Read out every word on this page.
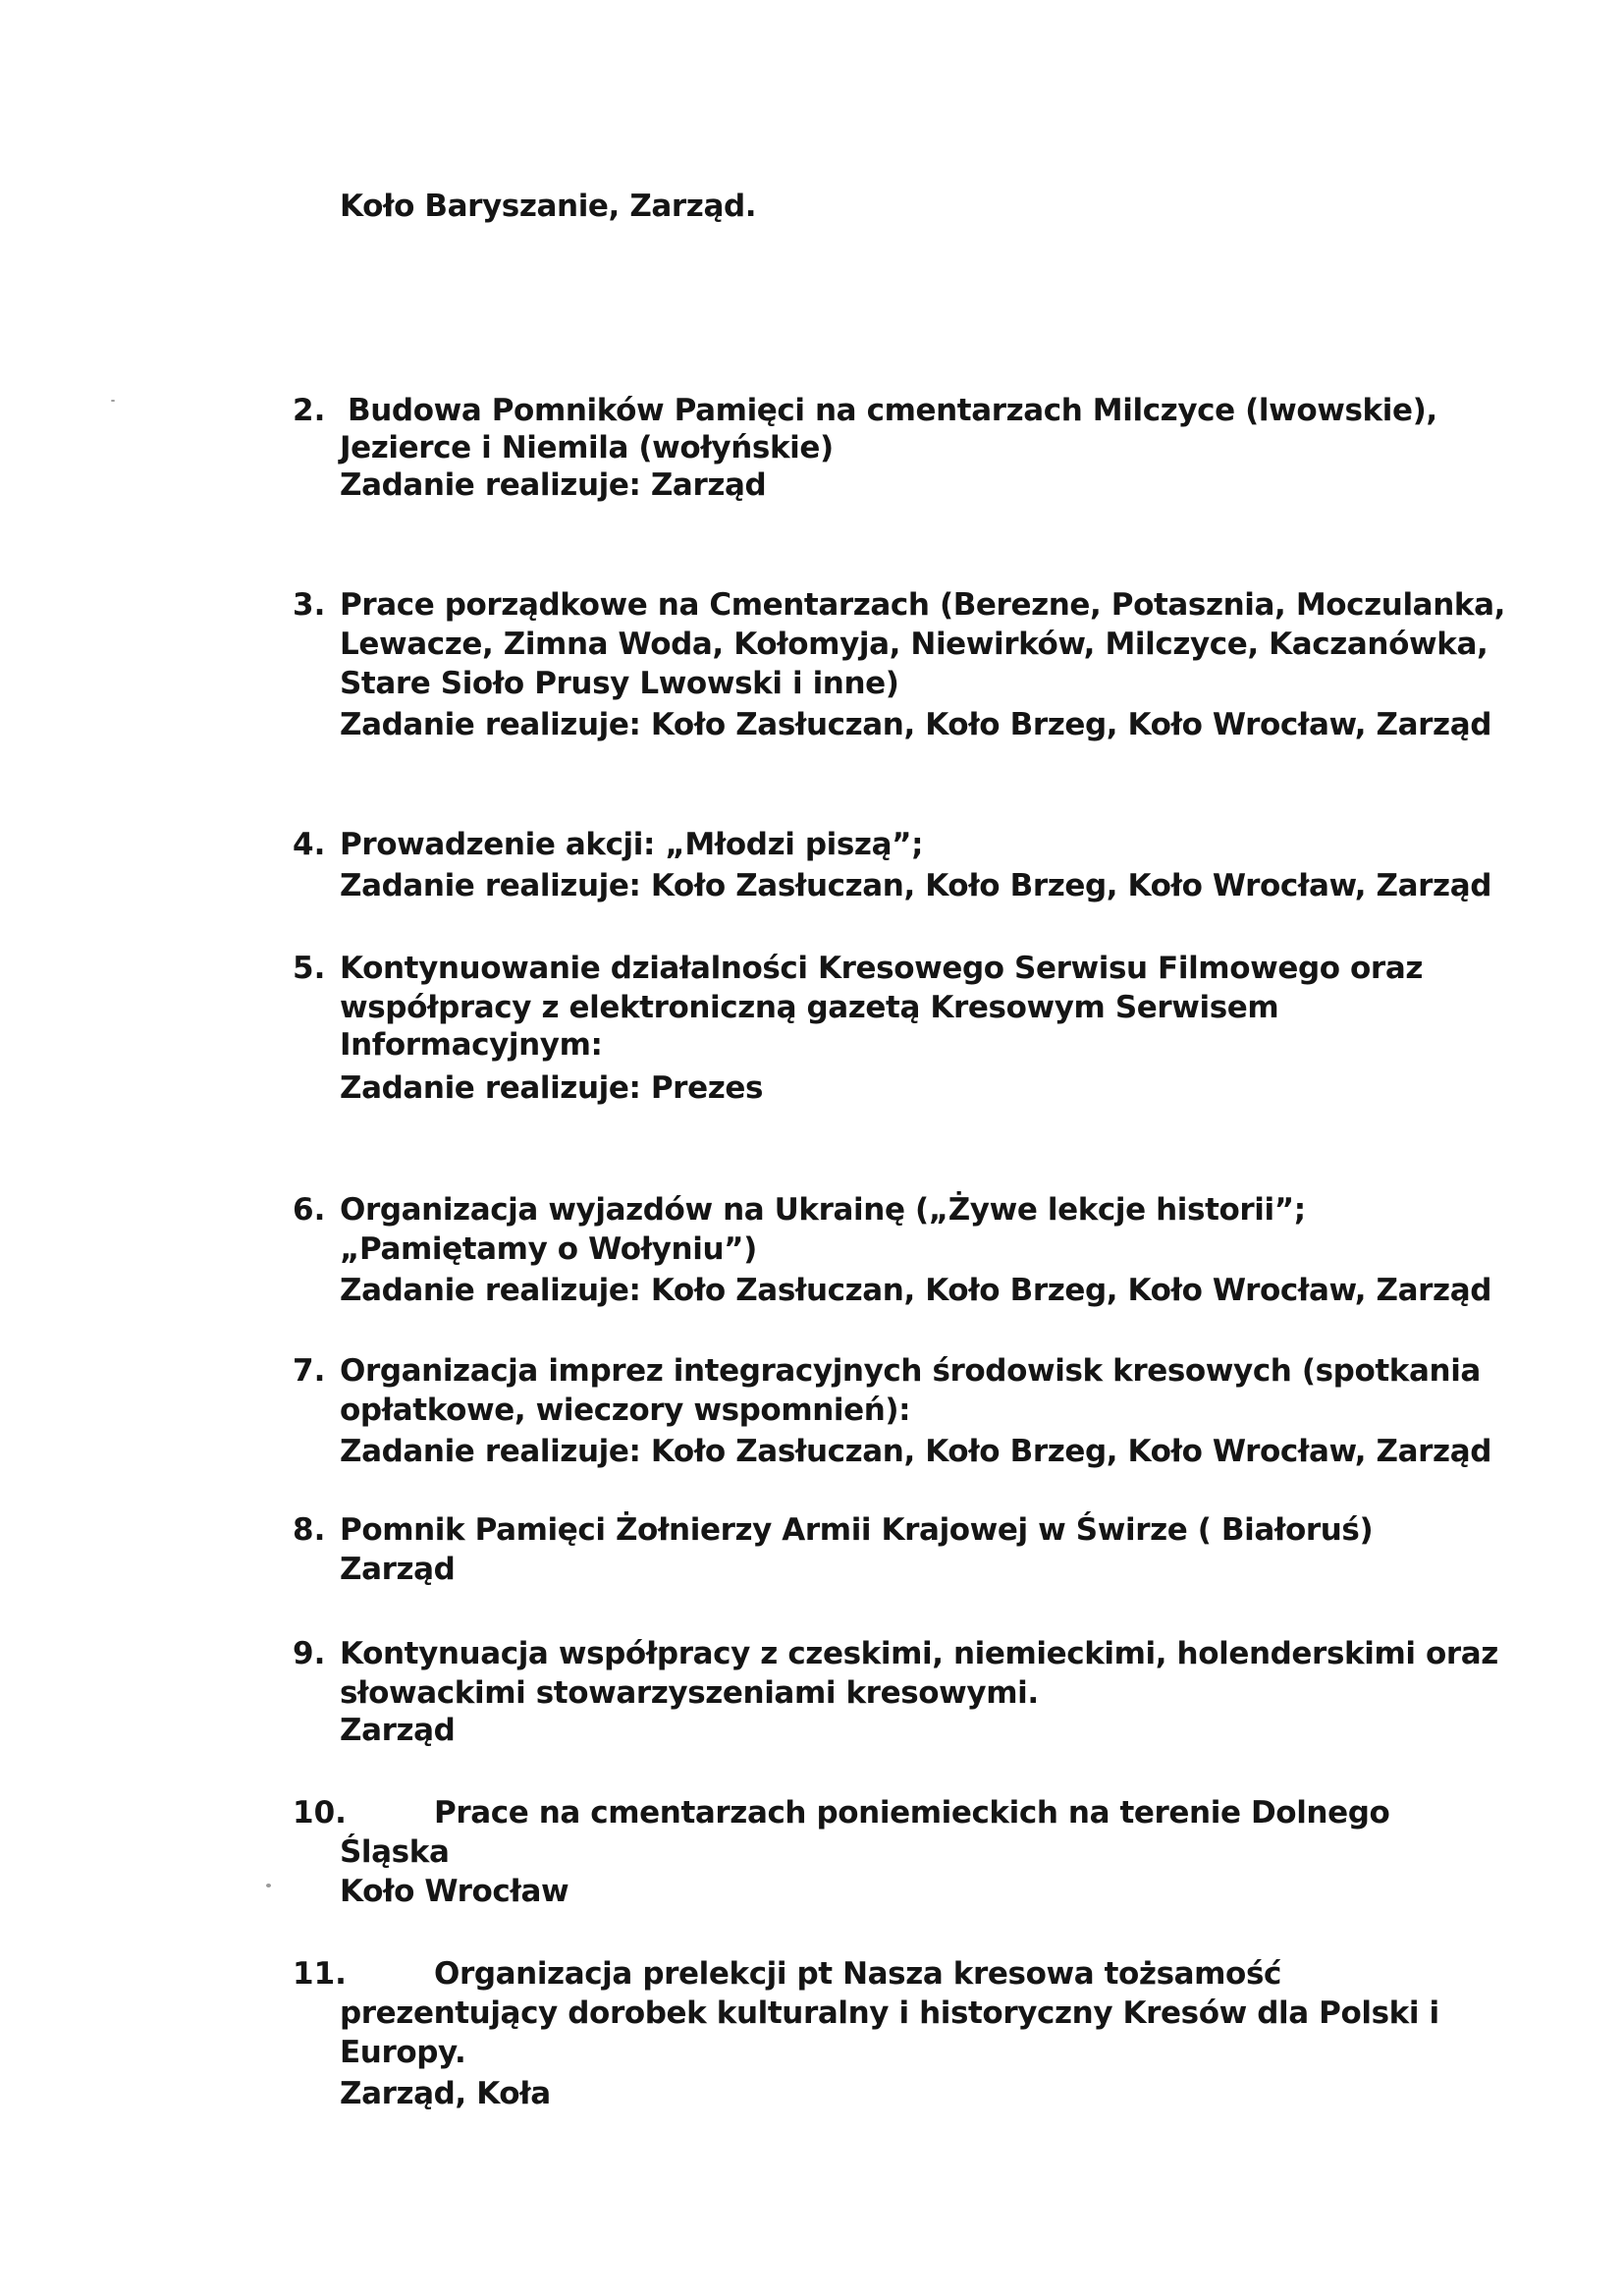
Koło Baryszanie, Zarząd.
2. Budowa Pomników Pamięci na cmentarzach Milczyce (lwowskie),
Jezierce i Niemila (wołyńskie)
Zadanie realizuje: Zarząd
3. Prace porządkowe na Cmentarzach (Berezne, Potasznia, Moczulanka,
Lewacze, Zimna Woda, Kołomyja, Niewirków, Milczyce, Kaczanówka,
Stare Sioło Prusy Lwowski i inne)
Zadanie realizuje: Koło Zasłuczan, Koło Brzeg, Koło Wrocław, Zarząd
4. Prowadzenie akcji: „Młodzi piszą”;
Zadanie realizuje: Koło Zasłuczan, Koło Brzeg, Koło Wrocław, Zarząd
5. Kontynuowanie działalności Kresowego Serwisu Filmowego oraz
współpracy z elektroniczną gazetą Kresowym Serwisem
Informacyjnym:
Zadanie realizuje: Prezes
6. Organizacja wyjazdów na Ukrainę („Żywe lekcje historii”;
„Pamiętamy o Wołyniu”)
Zadanie realizuje: Koło Zasłuczan, Koło Brzeg, Koło Wrocław, Zarząd
7. Organizacja imprez integracyjnych środowisk kresowych (spotkania
opłatkowe, wieczory wspomnień):
Zadanie realizuje: Koło Zasłuczan, Koło Brzeg, Koło Wrocław, Zarząd
8. Pomnik Pamięci Żołnierzy Armii Krajowej w Świrze ( Białoruś)
Zarząd
9. Kontynuacja współpracy z czeskimi, niemieckimi, holenderskimi oraz
słowackimi stowarzyszeniami kresowymi.
Zarząd
10.	Prace na cmentarzach poniemieckich na terenie Dolnego
Śląska
Koło Wrocław
11.	Organizacja prelekcji pt Nasza kresowa tożsamość
prezentujący dorobek kulturalny i historyczny Kresów dla Polski i
Europy.
Zarząd, Koła
